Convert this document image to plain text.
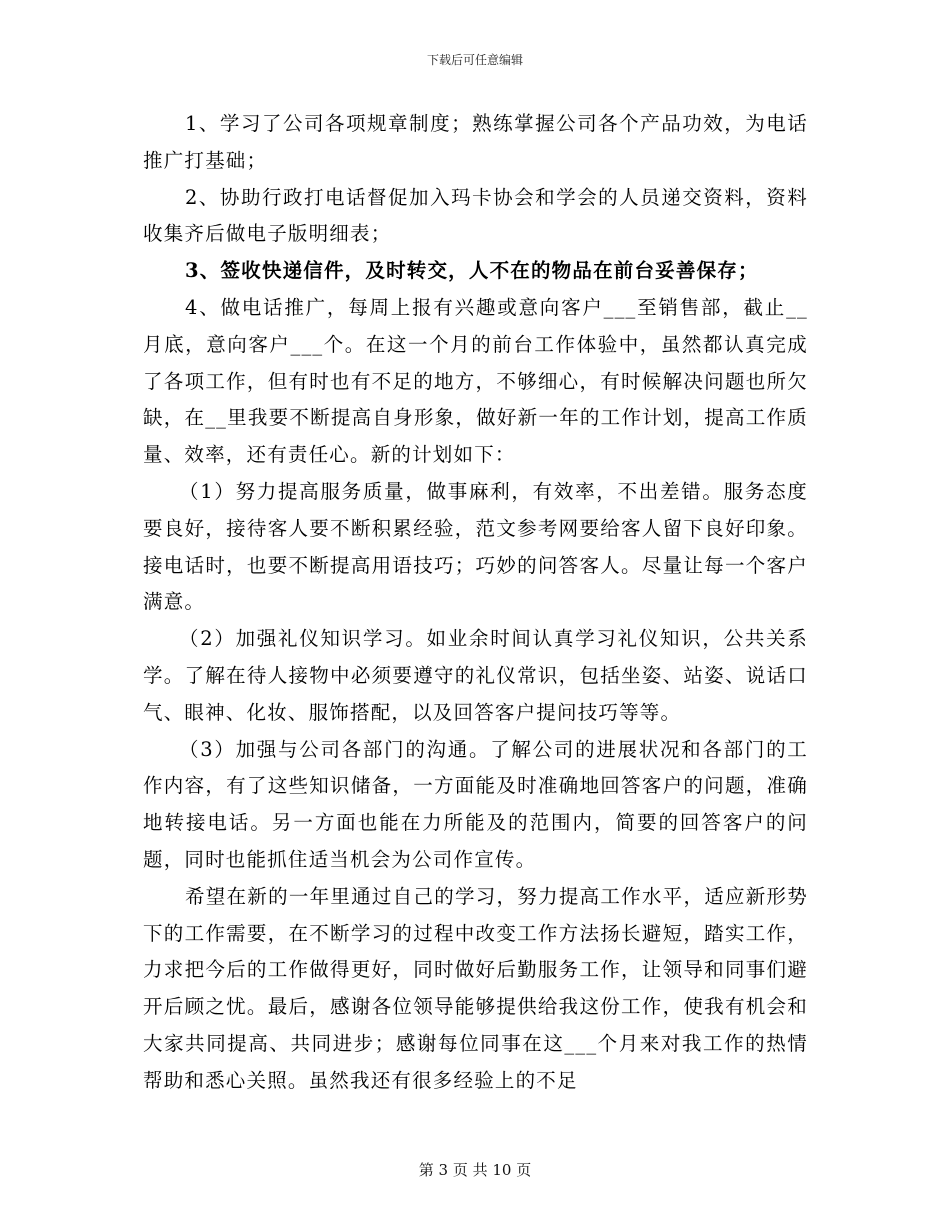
下载后可任意编辑

1、学习了公司各项规章制度；熟练掌握公司各个产品功效，为电话推广打基础；

2、协助行政打电话督促加入玛卡协会和学会的人员递交资料，资料收集齐后做电子版明细表；

3、签收快递信件，及时转交，人不在的物品在前台妥善保存；

4、做电话推广，每周上报有兴趣或意向客户___至销售部，截止__月底，意向客户___个。在这一个月的前台工作体验中，虽然都认真完成了各项工作，但有时也有不足的地方，不够细心，有时候解决问题也所欠缺，在__里我要不断提高自身形象，做好新一年的工作计划，提高工作质量、效率，还有责任心。新的计划如下：

（1）努力提高服务质量，做事麻利，有效率，不出差错。服务态度要良好，接待客人要不断积累经验，范文参考网要给客人留下良好印象。接电话时，也要不断提高用语技巧；巧妙的问答客人。尽量让每一个客户满意。

（2）加强礼仪知识学习。如业余时间认真学习礼仪知识，公共关系学。了解在待人接物中必须要遵守的礼仪常识，包括坐姿、站姿、说话口气、眼神、化妆、服饰搭配，以及回答客户提问技巧等等。

（3）加强与公司各部门的沟通。了解公司的进展状况和各部门的工作内容，有了这些知识储备，一方面能及时准确地回答客户的问题，准确地转接电话。另一方面也能在力所能及的范围内，简要的回答客户的问题，同时也能抓住适当机会为公司作宣传。

希望在新的一年里通过自己的学习，努力提高工作水平，适应新形势下的工作需要，在不断学习的过程中改变工作方法扬长避短，踏实工作，力求把今后的工作做得更好，同时做好后勤服务工作，让领导和同事们避开后顾之忧。最后，感谢各位领导能够提供给我这份工作，使我有机会和大家共同提高、共同进步；感谢每位同事在这___个月来对我工作的热情帮助和悉心关照。虽然我还有很多经验上的不足

第 3 页 共 10 页
